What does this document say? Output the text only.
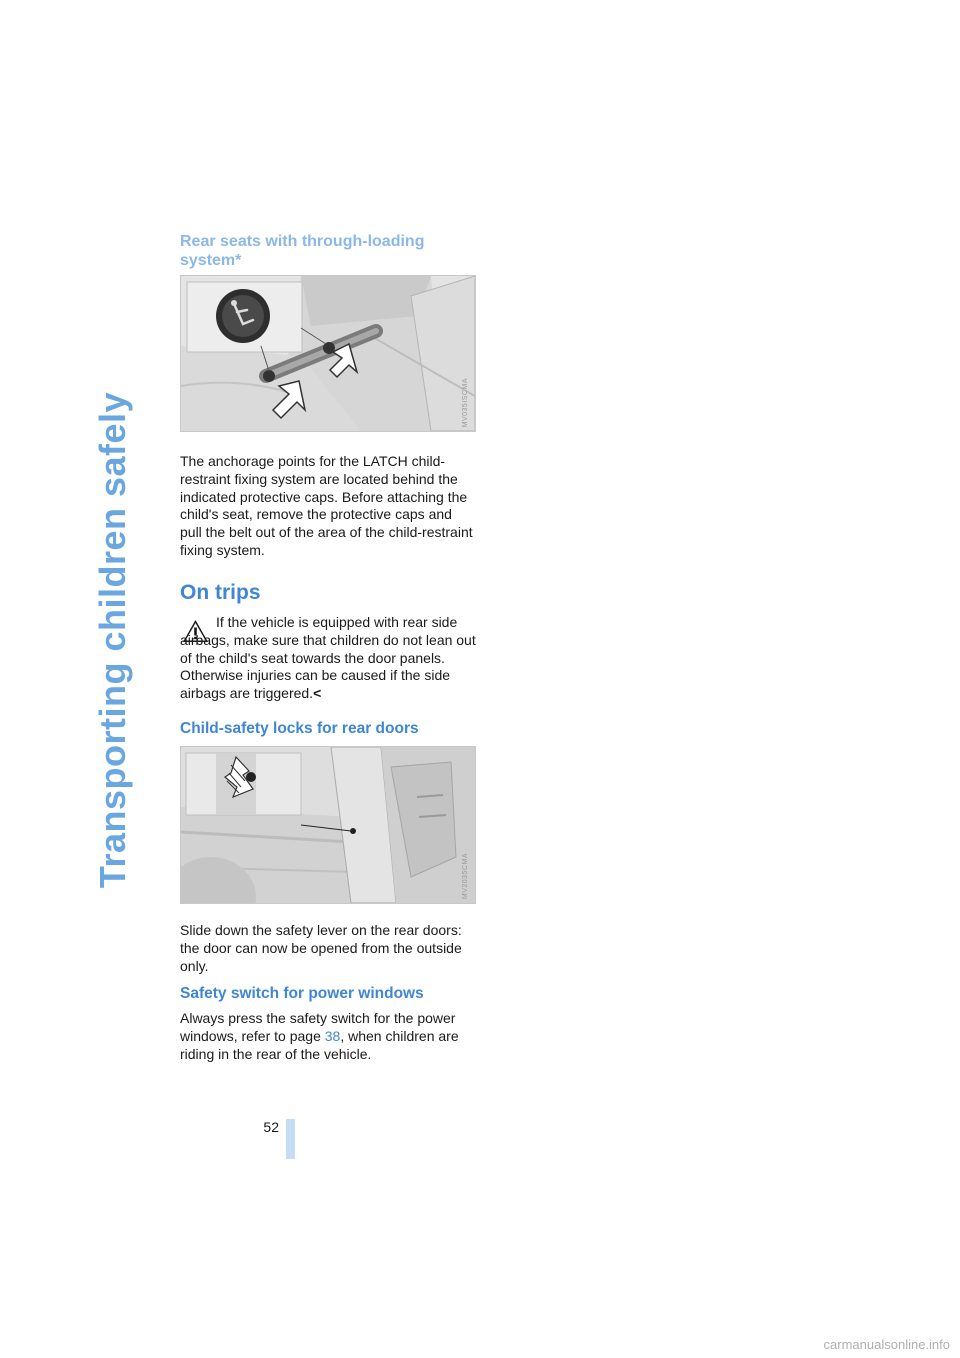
Transporting children safely
Rear seats with through-loading system*
MV035ISCMA
The anchorage points for the LATCH child-restraint fixing system are located behind the indicated protective caps. Before attaching the child's seat, remove the protective caps and pull the belt out of the area of the child-restraint fixing system.
On trips
If the vehicle is equipped with rear side airbags, make sure that children do not lean out of the child's seat towards the door panels. Otherwise injuries can be caused if the side airbags are triggered.<
Child-safety locks for rear doors
MV2035CMA
Slide down the safety lever on the rear doors: the door can now be opened from the outside only.
Safety switch for power windows
Always press the safety switch for the power windows, refer to page 38, when children are riding in the rear of the vehicle.
52
carmanualsonline.info
